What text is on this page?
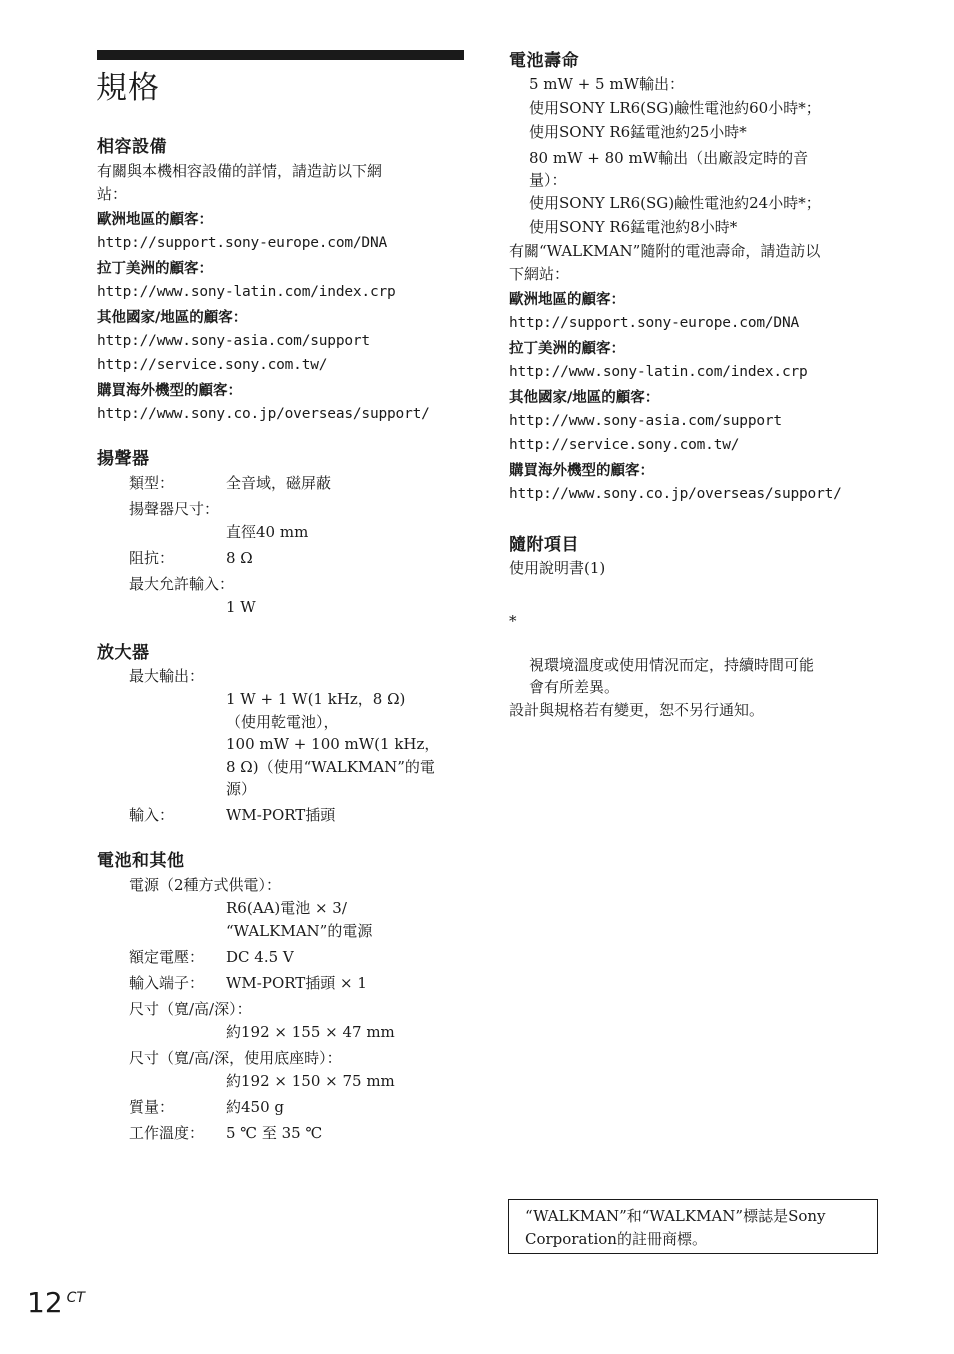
規格
相容設備

有關與本機相容設備的詳情，請造訪以下網
站：

歐洲地區的顧客：

http://support.sony-europe.com/DNA

拉丁美洲的顧客：

http://www.sony-latin.com/index.crp

其他國家/地區的顧客：

http://www.sony-asia.com/support

http://service.sony.com.tw/

購買海外機型的顧客：

http://www.sony.co.jp/overseas/support/

揚聲器
類型：	全音域，磁屏蔽
揚聲器尺寸：

直徑40 mm
阻抗：	8 Ω
最大允許輸入：

1 W
放大器
最大輸出：

1 W + 1 W(1 kHz，8 Ω)
（使用乾電池），
100 mW + 100 mW(1 kHz，
8 Ω)（使用“WALKMAN”的電
源）
輸入：	WM-PORT插頭
電池和其他
電源（2種方式供電）：

R6(AA)電池 × 3/
“WALKMAN”的電源
額定電壓： DC 4.5 V
輸入端子： WM-PORT插頭 × 1
尺寸（寬/高/深）：

約192 × 155 × 47 mm
尺寸（寬/高/深，使用底座時）：

約192 × 150 × 75 mm
質量：	約450 g
工作溫度： 5 ℃ 至 35 ℃
電池壽命
5 mW + 5 mW輸出：
使用SONY LR6(SG)鹼性電池約60小時*；
使用SONY R6錳電池約25小時*
80 mW + 80 mW輸出（出廠設定時的音
量）：
使用SONY LR6(SG)鹼性電池約24小時*；
使用SONY R6錳電池約8小時*

有關“WALKMAN”隨附的電池壽命，請造訪以
下網站：

歐洲地區的顧客：

http://support.sony-europe.com/DNA

拉丁美洲的顧客：

http://www.sony-latin.com/index.crp

其他國家/地區的顧客：

http://www.sony-asia.com/support

http://service.sony.com.tw/

購買海外機型的顧客：

http://www.sony.co.jp/overseas/support/

隨附項目

使用說明書(1)

*

視環境溫度或使用情況而定，持續時間可能
會有所差異。

設計與規格若有變更，恕不另行通知。

“WALKMAN”和“WALKMAN”標誌是Sony
Corporation的註冊商標。
12 $^{CT}$
